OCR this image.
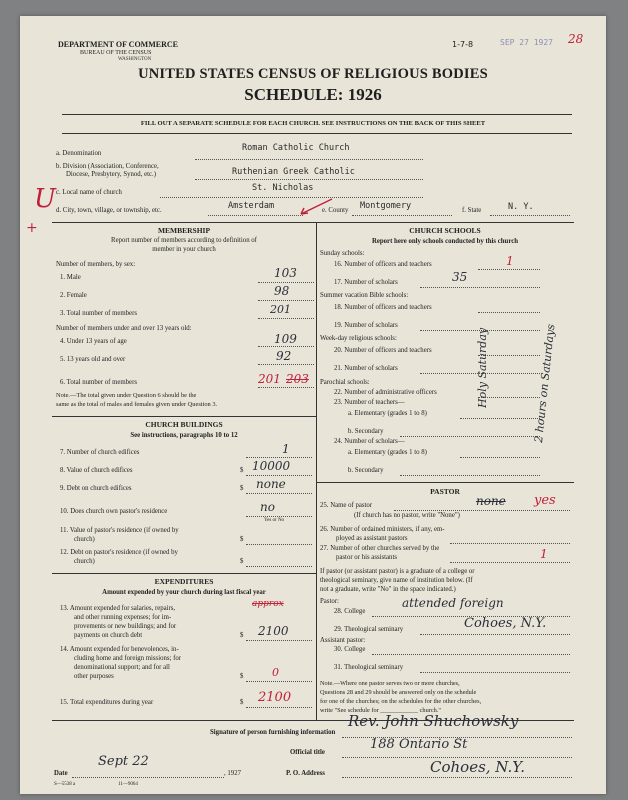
DEPARTMENT OF COMMERCE
BUREAU OF THE CENSUS
WASHINGTON
1-7-8	SEP 27 1927 28
UNITED STATES CENSUS OF RELIGIOUS BODIES
SCHEDULE: 1926
FILL OUT A SEPARATE SCHEDULE FOR EACH CHURCH. SEE INSTRUCTIONS ON THE BACK OF THIS SHEET
U
+
a. Denomination
Roman Catholic Church
b. Division (Association, Conference,
Diocese, Presbytery, Synod, etc.)	Ruthenian Greek Catholic
c. Local name of church	St. Nicholas
d. City, town, village, or township, etc.	Amsterdam	e. County Montgomery	f. State	N. Y.
MEMBERSHIP
Report number of members according to definition of
member in your church
Number of members, by sex:
1. Male	103
2. Female	98
3. Total number of members	201
Number of members under and over 13 years old:
4. Under 13 years of age	109
5. 13 years old and over	92
6. Total number of members	201 203
Note.—The total given under Question 6 should be the
same as the total of males and females given under Question 3.
CHURCH BUILDINGS
See instructions, paragraphs 10 to 12
7. Number of church edifices	1
8. Value of church edifices	$ 10000
9. Debt on church edifices	$ none
10. Does church own pastor's residence	no
Yes or No
11. Value of pastor's residence (if owned by
church)	$
12. Debt on pastor's residence (if owned by
church)	$
EXPENDITURES
Amount expended by your church during last fiscal year
13. Amount expended for salaries, repairs,
and other running expenses; for im-
provements or new buildings; and for
payments on church debt
approx
$ 2100
14. Amount expended for benevolences, in-
cluding home and foreign missions; for
denominational support; and for all
other purposes	$	0
15. Total expenditures during year	$ 2100
CHURCH SCHOOLS
Report here only schools conducted by this church
Sunday schools:
16. Number of officers and teachers	1
17. Number of scholars	35
Summer vacation Bible schools:
18. Number of officers and teachers
19. Number of scholars
Week-day religious schools:
20. Number of officers and teachers
21. Number of scholars
Parochial schools:
22. Number of administrative officers
23. Number of teachers—
a. Elementary (grades 1 to 8)
b. Secondary
24. Number of scholars—
a. Elementary (grades 1 to 8)
b. Secondary
Holy Saturday	2 hours on Saturdays
PASTOR
25. Name of pastor	none yes
(If church has no pastor, write "None")
26. Number of ordained ministers, if any, em-
ployed as assistant pastors
27. Number of other churches served by the
pastor or his assistants	1
If pastor (or assistant pastor) is a graduate of a college or
theological seminary, give name of institution below. (If
not a graduate, write "No" in the space indicated.)
Pastor:
28. College
attended foreign
29. Theological seminary	Cohoes, N.Y.
Assistant pastor:
30. College
31. Theological seminary
Note.—Where one pastor serves two or more churches,
Questions 28 and 29 should be answered only on the schedule
for one of the churches; on the schedules for the other churches,
write "See schedule for ____________ church."
Signature of person furnishing information
Rev. John Shuchowsky
Official title
188 Ontario St
Date
Sept 22
, 1927	P. O. Address	Cohoes, N.Y.
S—5538 a	11—9064
